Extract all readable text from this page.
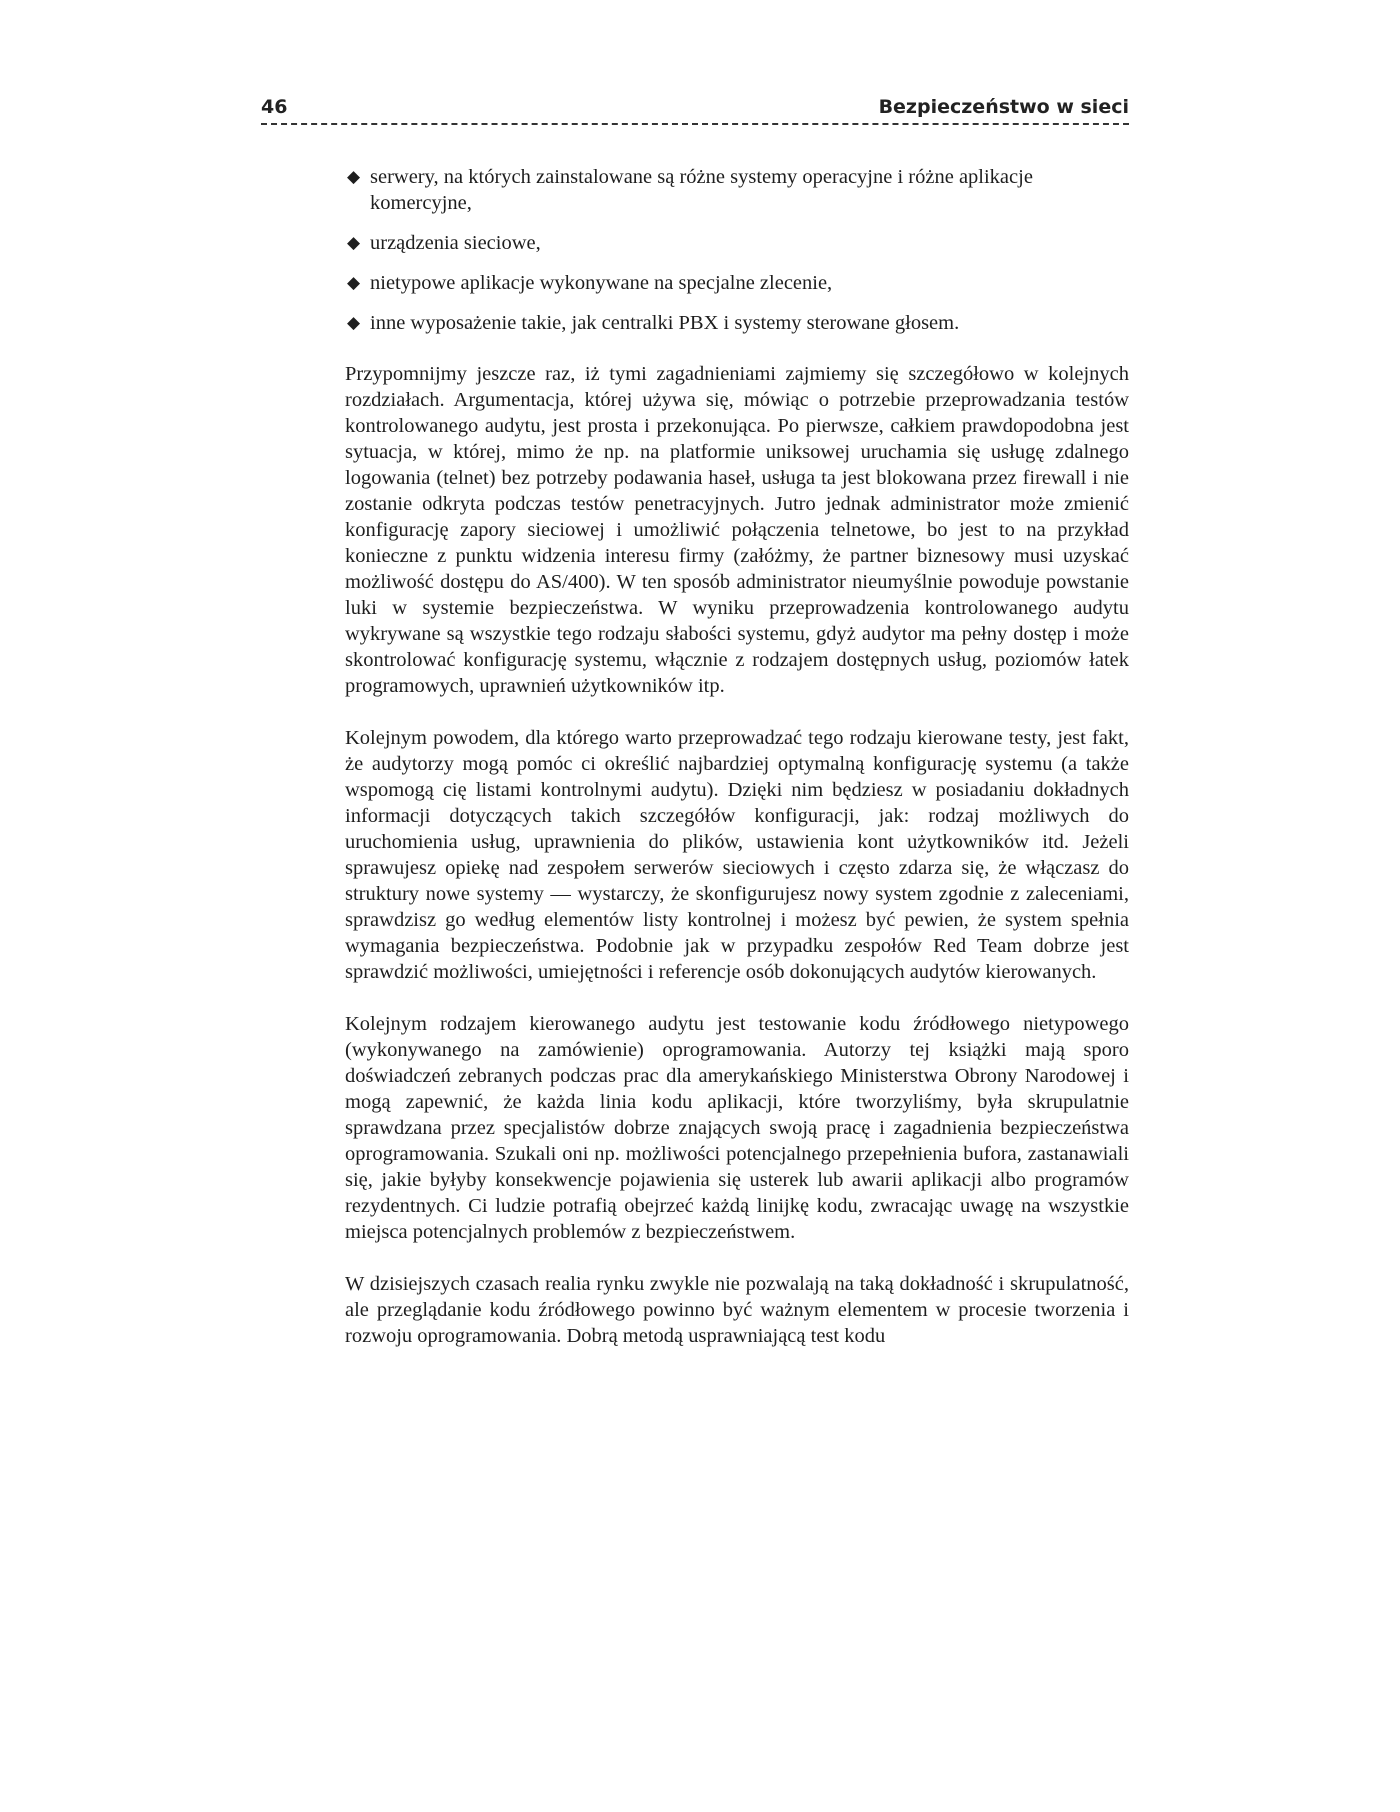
46	Bezpieczeństwo w sieci
◆ serwery, na których zainstalowane są różne systemy operacyjne i różne aplikacje komercyjne,
◆ urządzenia sieciowe,
◆ nietypowe aplikacje wykonywane na specjalne zlecenie,
◆ inne wyposażenie takie, jak centralki PBX i systemy sterowane głosem.

Przypomnijmy jeszcze raz, iż tymi zagadnieniami zajmiemy się szczegółowo w kolejnych rozdziałach. Argumentacja, której używa się, mówiąc o potrzebie przeprowadzania testów kontrolowanego audytu, jest prosta i przekonująca. Po pierwsze, całkiem prawdopodobna jest sytuacja, w której, mimo że np. na platformie uniksowej uruchamia się usługę zdalnego logowania (telnet) bez potrzeby podawania haseł, usługa ta jest blokowana przez firewall i nie zostanie odkryta podczas testów penetracyjnych. Jutro jednak administrator może zmienić konfigurację zapory sieciowej i umożliwić połączenia telnetowe, bo jest to na przykład konieczne z punktu widzenia interesu firmy (załóżmy, że partner biznesowy musi uzyskać możliwość dostępu do AS/400). W ten sposób administrator nieumyślnie powoduje powstanie luki w systemie bezpieczeństwa. W wyniku przeprowadzenia kontrolowanego audytu wykrywane są wszystkie tego rodzaju słabości systemu, gdyż audytor ma pełny dostęp i może skontrolować konfigurację systemu, włącznie z rodzajem dostępnych usług, poziomów łatek programowych, uprawnień użytkowników itp.

Kolejnym powodem, dla którego warto przeprowadzać tego rodzaju kierowane testy, jest fakt, że audytorzy mogą pomóc ci określić najbardziej optymalną konfigurację systemu (a także wspomogą cię listami kontrolnymi audytu). Dzięki nim będziesz w posiadaniu dokładnych informacji dotyczących takich szczegółów konfiguracji, jak: rodzaj możliwych do uruchomienia usług, uprawnienia do plików, ustawienia kont użytkowników itd. Jeżeli sprawujesz opiekę nad zespołem serwerów sieciowych i często zdarza się, że włączasz do struktury nowe systemy — wystarczy, że skonfigurujesz nowy system zgodnie z zaleceniami, sprawdzisz go według elementów listy kontrolnej i możesz być pewien, że system spełnia wymagania bezpieczeństwa. Podobnie jak w przypadku zespołów Red Team dobrze jest sprawdzić możliwości, umiejętności i referencje osób dokonujących audytów kierowanych.

Kolejnym rodzajem kierowanego audytu jest testowanie kodu źródłowego nietypowego (wykonywanego na zamówienie) oprogramowania. Autorzy tej książki mają sporo doświadczeń zebranych podczas prac dla amerykańskiego Ministerstwa Obrony Narodowej i mogą zapewnić, że każda linia kodu aplikacji, które tworzyliśmy, była skrupulatnie sprawdzana przez specjalistów dobrze znających swoją pracę i zagadnienia bezpieczeństwa oprogramowania. Szukali oni np. możliwości potencjalnego przepełnienia bufora, zastanawiali się, jakie byłyby konsekwencje pojawienia się usterek lub awarii aplikacji albo programów rezydentnych. Ci ludzie potrafią obejrzeć każdą linijkę kodu, zwracając uwagę na wszystkie miejsca potencjalnych problemów z bezpieczeństwem.

W dzisiejszych czasach realia rynku zwykle nie pozwalają na taką dokładność i skrupulatność, ale przeglądanie kodu źródłowego powinno być ważnym elementem w procesie tworzenia i rozwoju oprogramowania. Dobrą metodą usprawniającą test kodu
